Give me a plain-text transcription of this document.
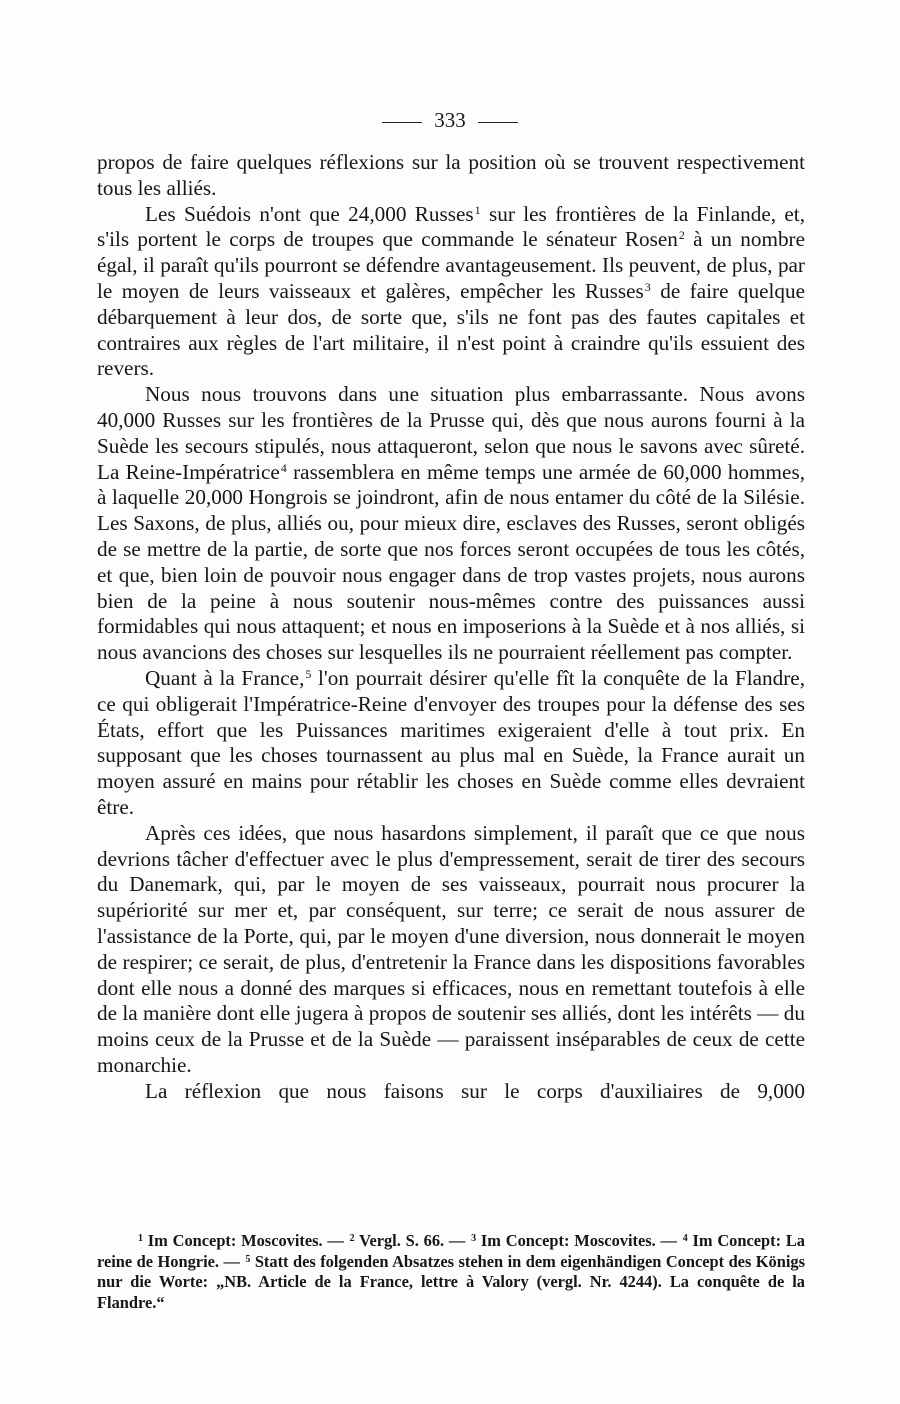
333

propos de faire quelques réflexions sur la position où se trouvent respectivement tous les alliés.

Les Suédois n'ont que 24,000 Russes$^1$ sur les frontières de la Finlande, et, s'ils portent le corps de troupes que commande le sénateur Rosen$^2$ à un nombre égal, il paraît qu'ils pourront se défendre avantageusement. Ils peuvent, de plus, par le moyen de leurs vaisseaux et galères, empêcher les Russes$^3$ de faire quelque débarquement à leur dos, de sorte que, s'ils ne font pas des fautes capitales et contraires aux règles de l'art militaire, il n'est point à craindre qu'ils essuient des revers.

Nous nous trouvons dans une situation plus embarrassante. Nous avons 40,000 Russes sur les frontières de la Prusse qui, dès que nous aurons fourni à la Suède les secours stipulés, nous attaqueront, selon que nous le savons avec sûreté. La Reine-Impératrice$^4$ rassemblera en même temps une armée de 60,000 hommes, à laquelle 20,000 Hongrois se joindront, afin de nous entamer du côté de la Silésie. Les Saxons, de plus, alliés ou, pour mieux dire, esclaves des Russes, seront obligés de se mettre de la partie, de sorte que nos forces seront occupées de tous les côtés, et que, bien loin de pouvoir nous engager dans de trop vastes projets, nous aurons bien de la peine à nous soutenir nous-mêmes contre des puissances aussi formidables qui nous attaquent; et nous en imposerions à la Suède et à nos alliés, si nous avancions des choses sur lesquelles ils ne pourraient réellement pas compter.

Quant à la France,$^5$ l'on pourrait désirer qu'elle fît la conquête de la Flandre, ce qui obligerait l'Impératrice-Reine d'envoyer des troupes pour la défense des ses États, effort que les Puissances maritimes exigeraient d'elle à tout prix. En supposant que les choses tournassent au plus mal en Suède, la France aurait un moyen assuré en mains pour rétablir les choses en Suède comme elles devraient être.

Après ces idées, que nous hasardons simplement, il paraît que ce que nous devrions tâcher d'effectuer avec le plus d'empressement, serait de tirer des secours du Danemark, qui, par le moyen de ses vaisseaux, pourrait nous procurer la supériorité sur mer et, par conséquent, sur terre; ce serait de nous assurer de l'assistance de la Porte, qui, par le moyen d'une diversion, nous donnerait le moyen de respirer; ce serait, de plus, d'entretenir la France dans les dispositions favorables dont elle nous a donné des marques si efficaces, nous en remettant toutefois à elle de la manière dont elle jugera à propos de soutenir ses alliés, dont les intérêts — du moins ceux de la Prusse et de la Suède — paraissent inséparables de ceux de cette monarchie.

La réflexion que nous faisons sur le corps d'auxiliaires de 9,000

$^1$ Im Concept: Moscovites. — $^2$ Vergl. S. 66. — $^3$ Im Concept: Moscovites. — $^4$ Im Concept: La reine de Hongrie. — $^5$ Statt des folgenden Absatzes stehen in dem eigenhändigen Concept des Königs nur die Worte: „NB. Article de la France, lettre à Valory (vergl. Nr. 4244). La conquête de la Flandre.“
